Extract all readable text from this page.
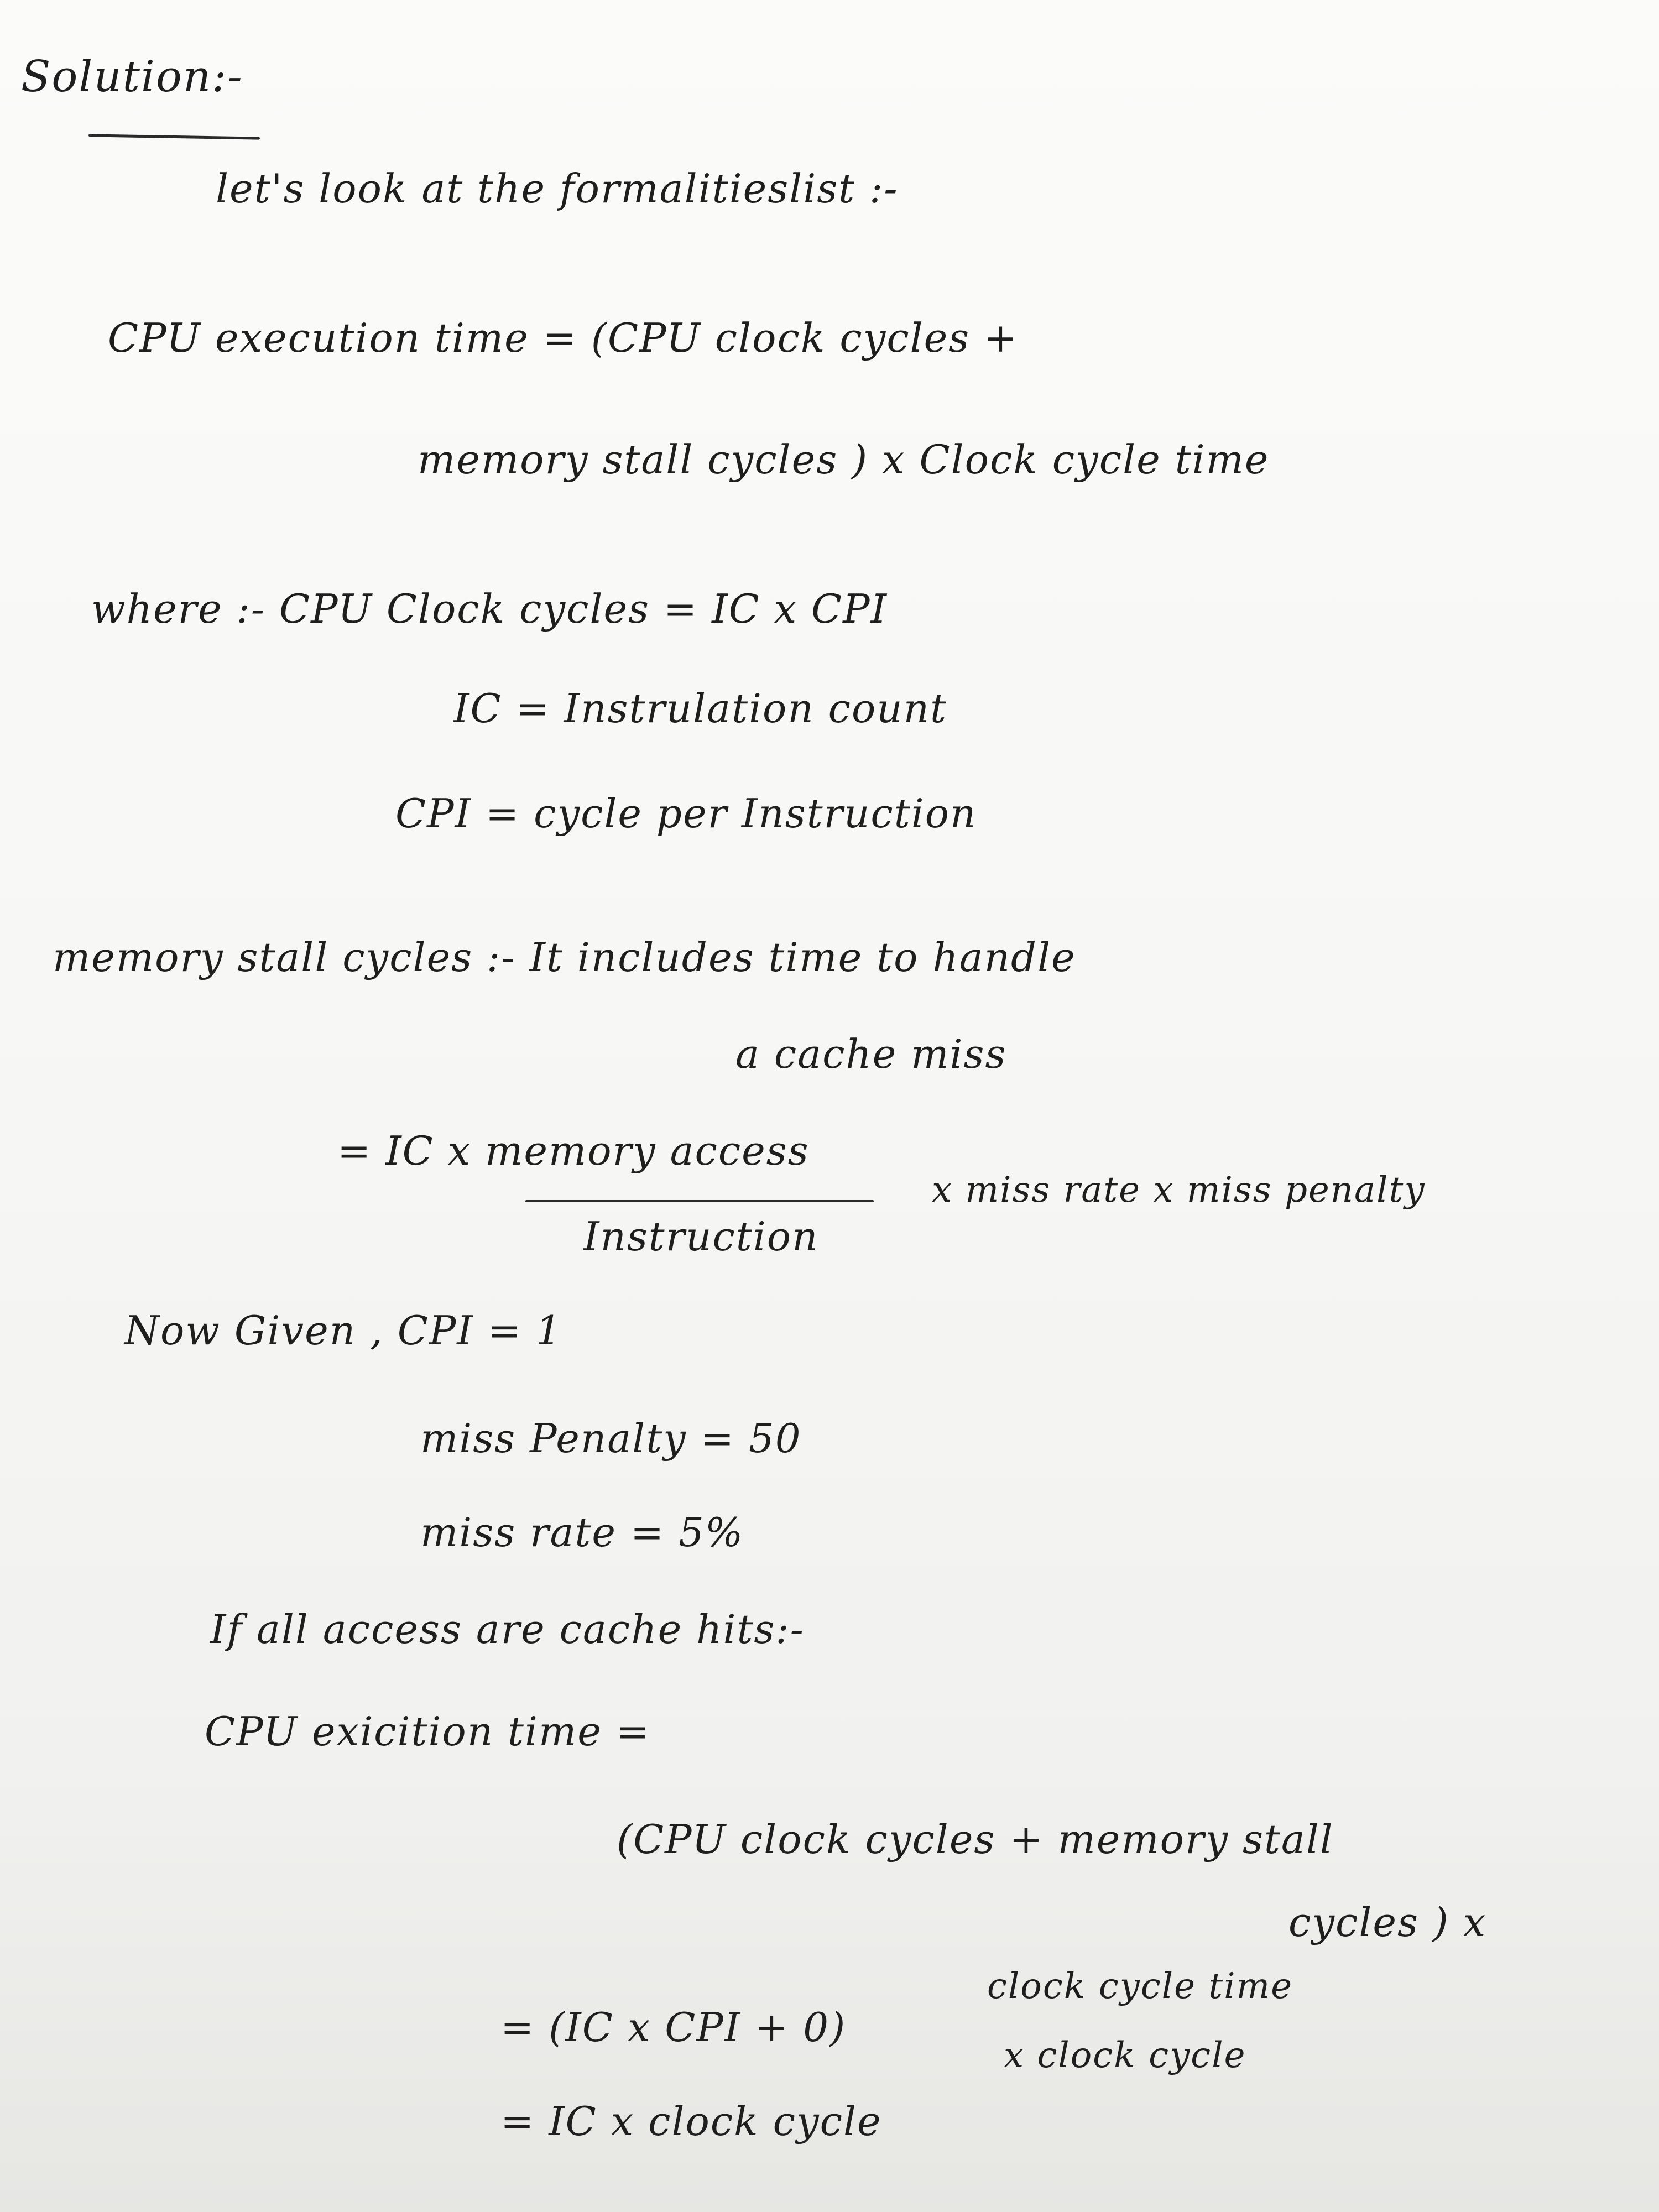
Solution:-
let's look at the formalitieslist :-
CPU execution time = (CPU clock cycles +
memory stall cycles ) x Clock cycle time
where :- CPU Clock cycles = IC x CPI
IC = Instrulation count
CPI = cycle per Instruction
memory stall cycles :- It includes time to handle
a cache miss
= IC x memory access
x miss rate x miss penalty
Instruction
Now Given , CPI = 1
miss Penalty = 50
miss rate = 5%
If all access are cache hits:-
CPU exicition time =
(CPU clock cycles + memory stall
cycles ) x
= (IC x CPI + 0)
clock cycle time
x clock cycle
= IC x clock cycle
